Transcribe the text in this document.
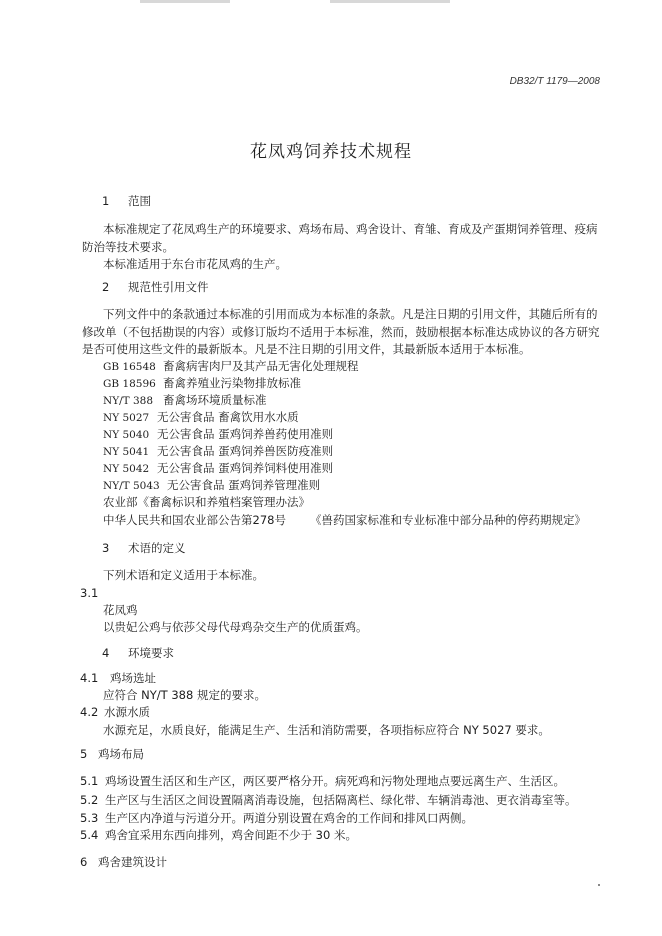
DB32/T 1179—2008
花凤鸡饲养技术规程
1 范围
本标准规定了花凤鸡生产的环境要求、鸡场布局、鸡舍设计、育雏、育成及产蛋期饲养管理、疫病
防治等技术要求。
本标准适用于东台市花凤鸡的生产。
2 规范性引用文件
下列文件中的条款通过本标准的引用而成为本标准的条款。凡是注日期的引用文件，其随后所有的
修改单（不包括勘误的内容）或修订版均不适用于本标准，然而，鼓励根据本标准达成协议的各方研究
是否可使用这些文件的最新版本。凡是不注日期的引用文件，其最新版本适用于本标准。
GB 16548 畜禽病害肉尸及其产品无害化处理规程
GB 18596 畜禽养殖业污染物排放标准
NY/T 388 畜禽场环境质量标准
NY 5027 无公害食品 畜禽饮用水水质
NY 5040 无公害食品 蛋鸡饲养兽药使用准则
NY 5041 无公害食品 蛋鸡饲养兽医防疫准则
NY 5042 无公害食品 蛋鸡饲养饲料使用准则
NY/T 5043 无公害食品 蛋鸡饲养管理准则
农业部《畜禽标识和养殖档案管理办法》
中华人民共和国农业部公告第278号 《兽药国家标准和专业标准中部分品种的停药期规定》
3 术语的定义
下列术语和定义适用于本标准。
3.1
花凤鸡
以贵妃公鸡与依莎父母代母鸡杂交生产的优质蛋鸡。
4 环境要求
4.1 鸡场选址
应符合 NY/T 388 规定的要求。
4.2 水源水质
水源充足，水质良好，能满足生产、生活和消防需要，各项指标应符合 NY 5027 要求。
5 鸡场布局
5.1 鸡场设置生活区和生产区，两区要严格分开。病死鸡和污物处理地点要远离生产、生活区。
5.2 生产区与生活区之间设置隔离消毒设施，包括隔离栏、绿化带、车辆消毒池、更衣消毒室等。
5.3 生产区内净道与污道分开。两道分别设置在鸡舍的工作间和排风口两侧。
5.4 鸡舍宜采用东西向排列，鸡舍间距不少于 30 米。
6 鸡舍建筑设计
